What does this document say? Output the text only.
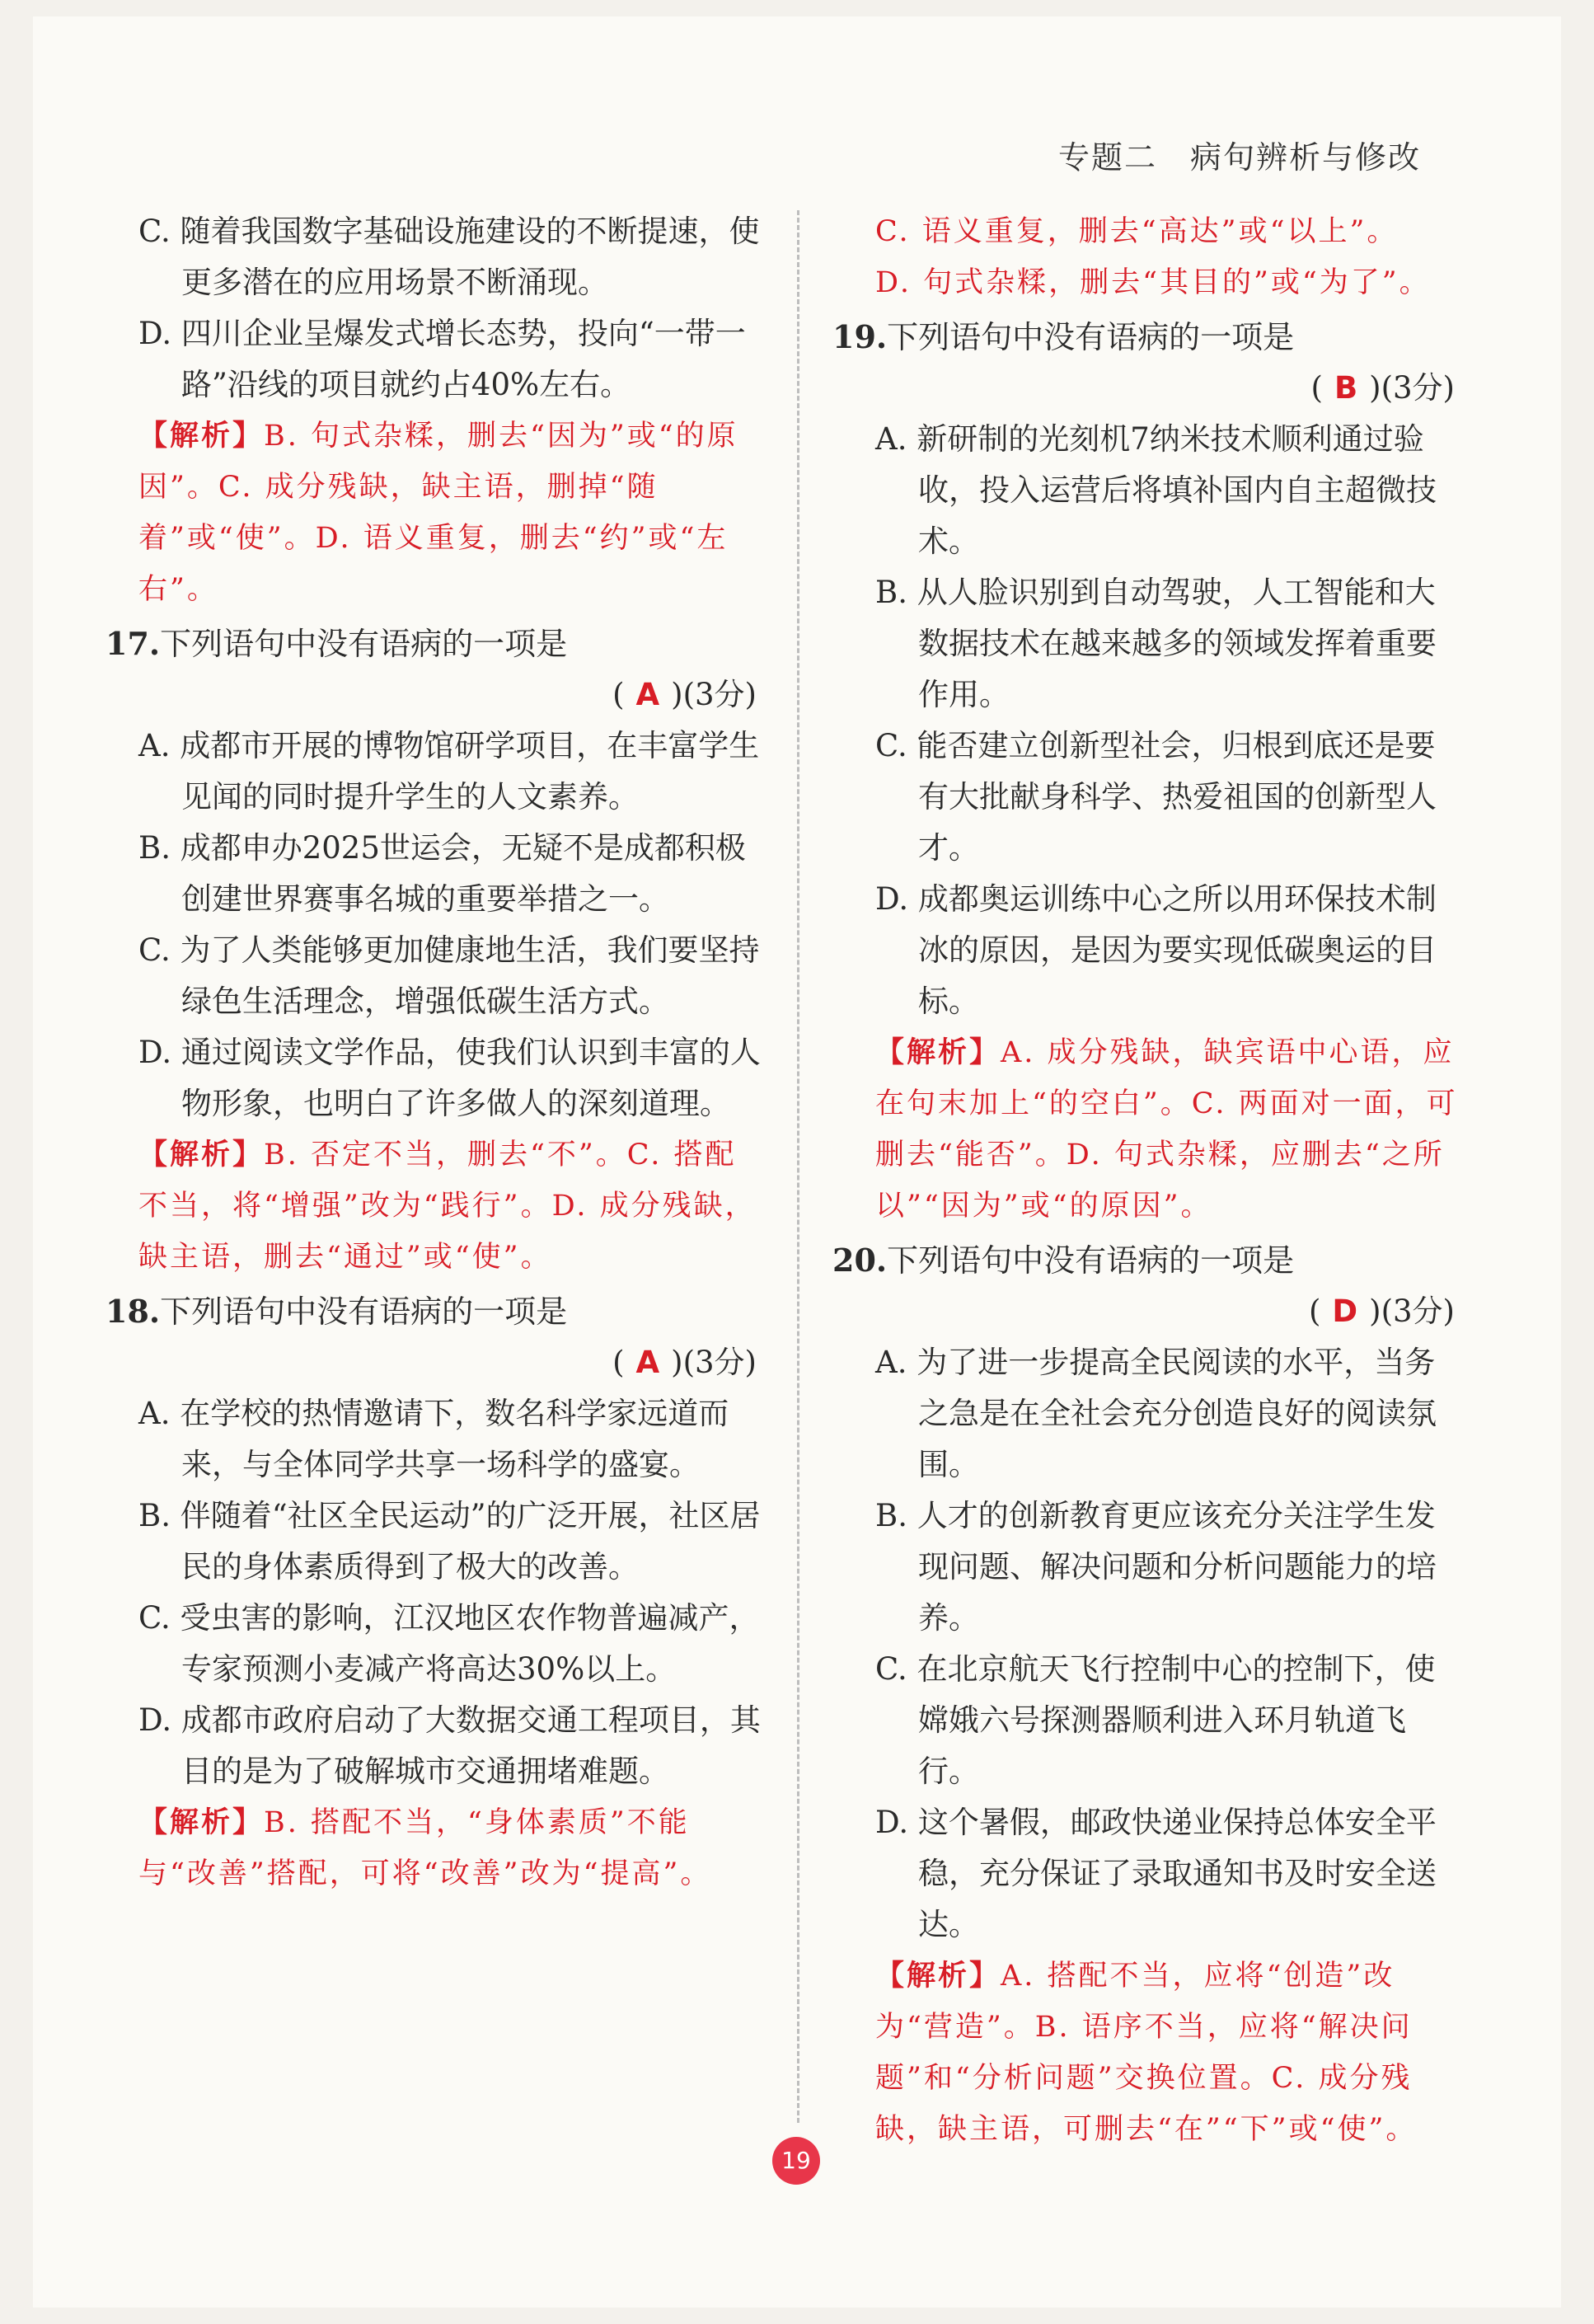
专题二　病句辨析与修改
C. 随着我国数字基础设施建设的不断提速，使更多潜在的应用场景不断涌现。
D. 四川企业呈爆发式增长态势，投向“一带一路”沿线的项目就约占40%左右。
【解析】B. 句式杂糅，删去“因为”或“的原因”。C. 成分残缺，缺主语，删掉“随着”或“使”。D. 语义重复，删去“约”或“左右”。
17.下列语句中没有语病的一项是
( A )(3分)
A. 成都市开展的博物馆研学项目，在丰富学生见闻的同时提升学生的人文素养。
B. 成都申办2025世运会，无疑不是成都积极创建世界赛事名城的重要举措之一。
C. 为了人类能够更加健康地生活，我们要坚持绿色生活理念，增强低碳生活方式。
D. 通过阅读文学作品，使我们认识到丰富的人物形象，也明白了许多做人的深刻道理。
【解析】B. 否定不当，删去“不”。C. 搭配不当，将“增强”改为“践行”。D. 成分残缺，缺主语，删去“通过”或“使”。
18.下列语句中没有语病的一项是
( A )(3分)
A. 在学校的热情邀请下，数名科学家远道而来，与全体同学共享一场科学的盛宴。
B. 伴随着“社区全民运动”的广泛开展，社区居民的身体素质得到了极大的改善。
C. 受虫害的影响，江汉地区农作物普遍减产，专家预测小麦减产将高达30%以上。
D. 成都市政府启动了大数据交通工程项目，其目的是为了破解城市交通拥堵难题。
【解析】B. 搭配不当，“身体素质”不能与“改善”搭配，可将“改善”改为“提高”。
C. 语义重复，删去“高达”或“以上”。
D. 句式杂糅，删去“其目的”或“为了”。
19.下列语句中没有语病的一项是
( B )(3分)
A. 新研制的光刻机7纳米技术顺利通过验收，投入运营后将填补国内自主超微技术。
B. 从人脸识别到自动驾驶，人工智能和大数据技术在越来越多的领域发挥着重要作用。
C. 能否建立创新型社会，归根到底还是要有大批献身科学、热爱祖国的创新型人才。
D. 成都奥运训练中心之所以用环保技术制冰的原因，是因为要实现低碳奥运的目标。
【解析】A. 成分残缺，缺宾语中心语，应在句末加上“的空白”。C. 两面对一面，可删去“能否”。D. 句式杂糅，应删去“之所以”“因为”或“的原因”。
20.下列语句中没有语病的一项是
( D )(3分)
A. 为了进一步提高全民阅读的水平，当务之急是在全社会充分创造良好的阅读氛围。
B. 人才的创新教育更应该充分关注学生发现问题、解决问题和分析问题能力的培养。
C. 在北京航天飞行控制中心的控制下，使嫦娥六号探测器顺利进入环月轨道飞行。
D. 这个暑假，邮政快递业保持总体安全平稳，充分保证了录取通知书及时安全送达。
【解析】A. 搭配不当，应将“创造”改为“营造”。B. 语序不当，应将“解决问题”和“分析问题”交换位置。C. 成分残缺，缺主语，可删去“在”“下”或“使”。
19
